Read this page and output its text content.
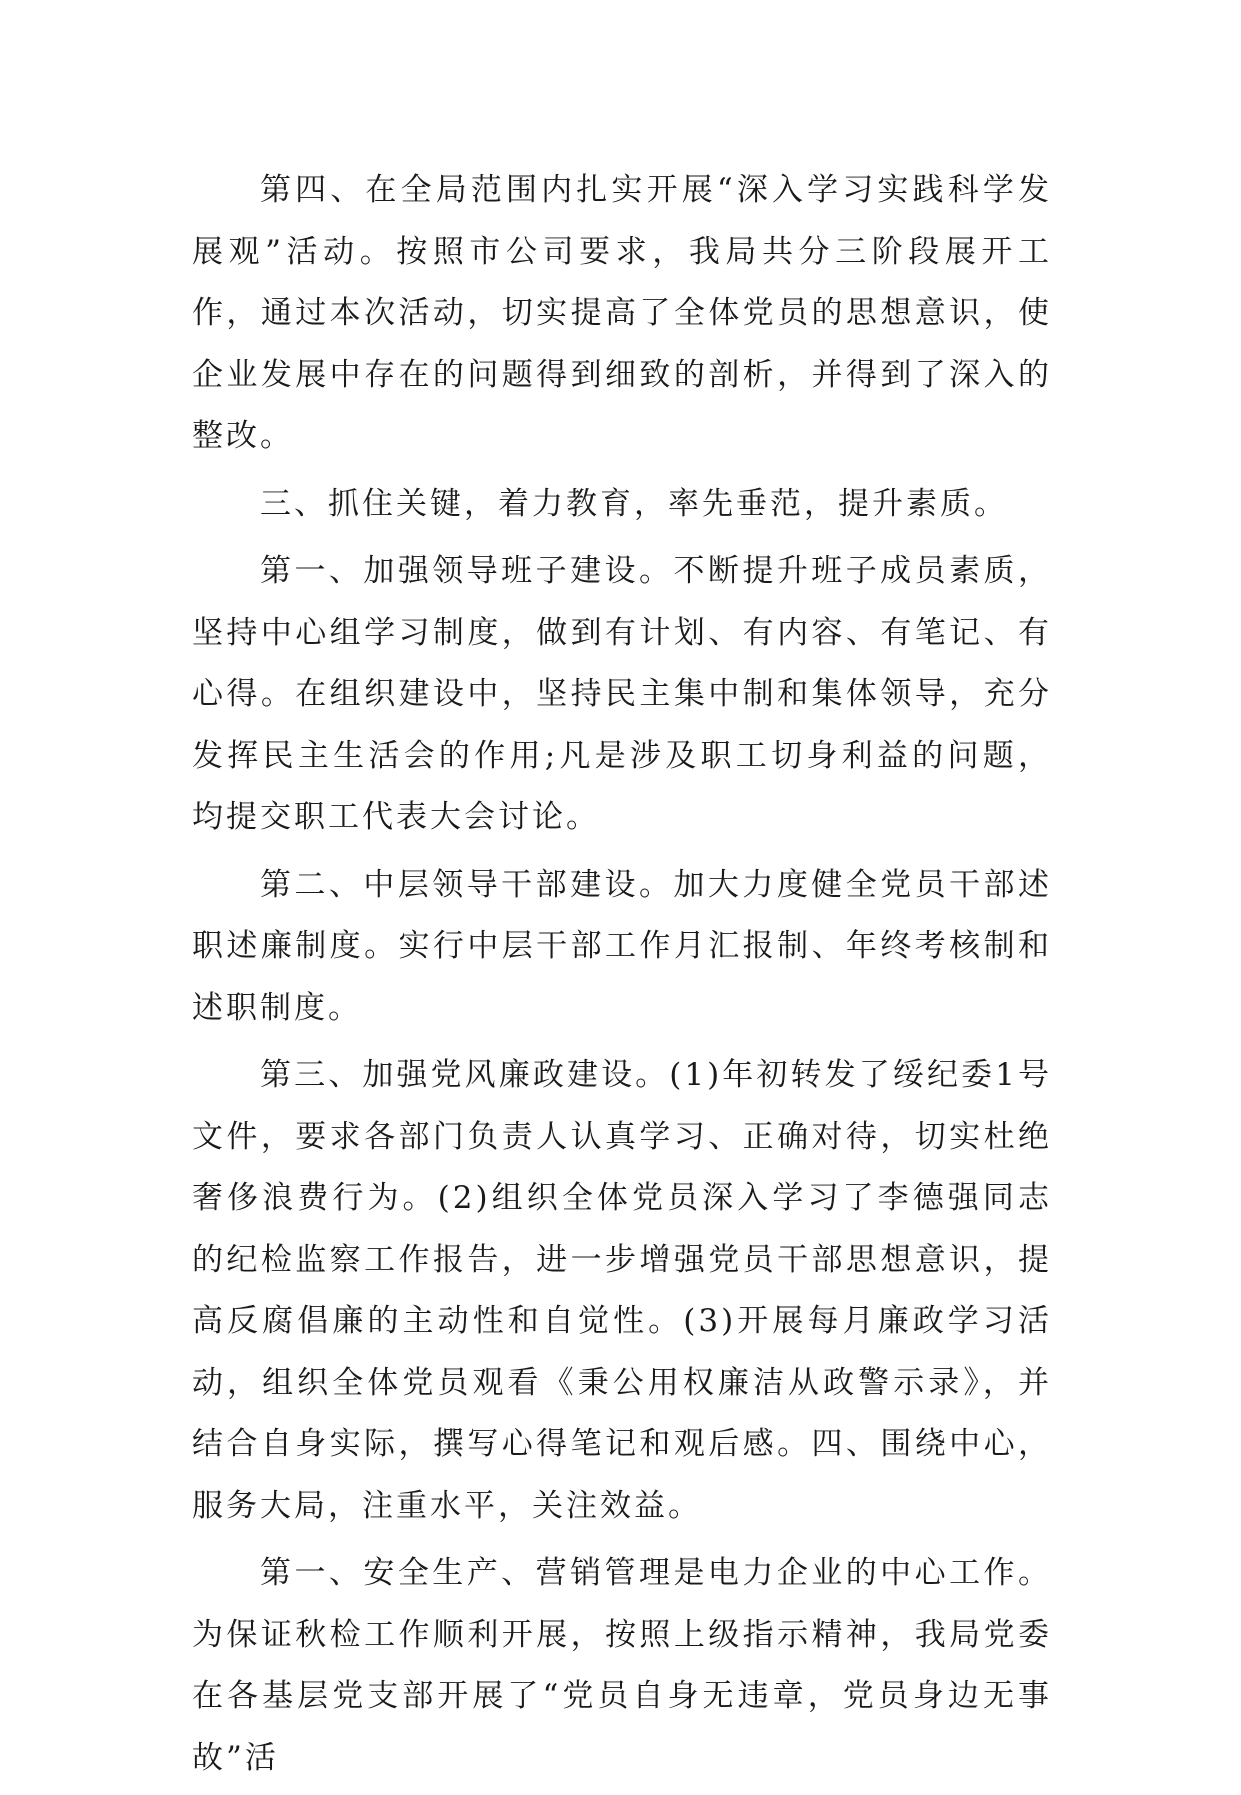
第四、在全局范围内扎实开展“深入学习实践科学发展观”活动。按照市公司要求，我局共分三阶段展开工作，通过本次活动，切实提高了全体党员的思想意识，使企业发展中存在的问题得到细致的剖析，并得到了深入的整改。

三、抓住关键，着力教育，率先垂范，提升素质。

第一、加强领导班子建设。不断提升班子成员素质，坚持中心组学习制度，做到有计划、有内容、有笔记、有心得。在组织建设中，坚持民主集中制和集体领导，充分发挥民主生活会的作用;凡是涉及职工切身利益的问题，均提交职工代表大会讨论。

第二、中层领导干部建设。加大力度健全党员干部述职述廉制度。实行中层干部工作月汇报制、年终考核制和述职制度。

第三、加强党风廉政建设。(1)年初转发了绥纪委1号文件，要求各部门负责人认真学习、正确对待，切实杜绝奢侈浪费行为。(2)组织全体党员深入学习了李德强同志的纪检监察工作报告，进一步增强党员干部思想意识，提高反腐倡廉的主动性和自觉性。(3)开展每月廉政学习活动，组织全体党员观看《秉公用权廉洁从政警示录》，并结合自身实际，撰写心得笔记和观后感。四、围绕中心，服务大局，注重水平，关注效益。

第一、安全生产、营销管理是电力企业的中心工作。为保证秋检工作顺利开展，按照上级指示精神，我局党委在各基层党支部开展了“党员自身无违章，党员身边无事故”活
